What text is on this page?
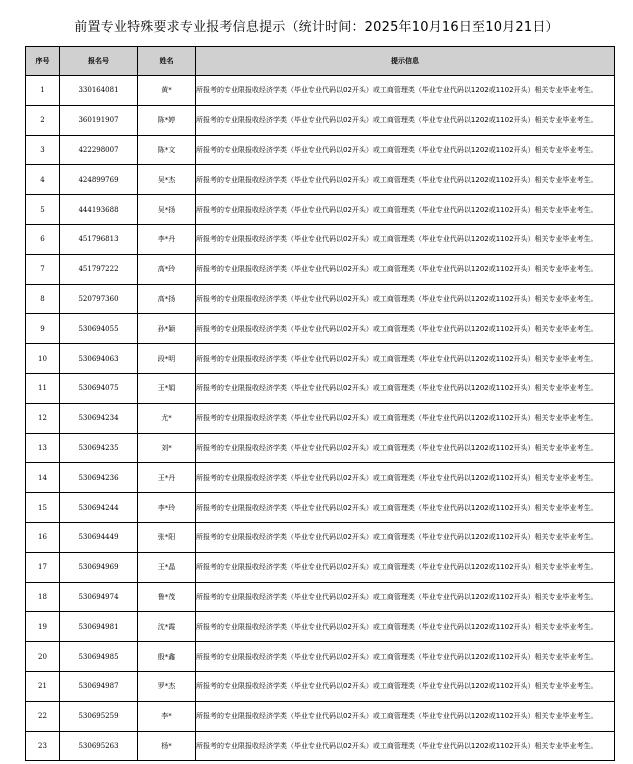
前置专业特殊要求专业报考信息提示（统计时间：2025年10月16日至10月21日）
序号	报名号	姓名	提示信息
1	330164081	黄*	所报考的专业限报收经济学类（毕业专业代码以02开头）或工商管理类（毕业专业代码以1202或1102开头）相关专业毕业考生。
2	360191907	陈*婷	所报考的专业限报收经济学类（毕业专业代码以02开头）或工商管理类（毕业专业代码以1202或1102开头）相关专业毕业考生。
3	422298007	陈*文	所报考的专业限报收经济学类（毕业专业代码以02开头）或工商管理类（毕业专业代码以1202或1102开头）相关专业毕业考生。
4	424899769	吴*杰	所报考的专业限报收经济学类（毕业专业代码以02开头）或工商管理类（毕业专业代码以1202或1102开头）相关专业毕业考生。
5	444193688	吴*扬	所报考的专业限报收经济学类（毕业专业代码以02开头）或工商管理类（毕业专业代码以1202或1102开头）相关专业毕业考生。
6	451796813	李*丹	所报考的专业限报收经济学类（毕业专业代码以02开头）或工商管理类（毕业专业代码以1202或1102开头）相关专业毕业考生。
7	451797222	高*玲	所报考的专业限报收经济学类（毕业专业代码以02开头）或工商管理类（毕业专业代码以1202或1102开头）相关专业毕业考生。
8	520797360	高*扬	所报考的专业限报收经济学类（毕业专业代码以02开头）或工商管理类（毕业专业代码以1202或1102开头）相关专业毕业考生。
9	530694055	孙*颖	所报考的专业限报收经济学类（毕业专业代码以02开头）或工商管理类（毕业专业代码以1202或1102开头）相关专业毕业考生。
10	530694063	段*明	所报考的专业限报收经济学类（毕业专业代码以02开头）或工商管理类（毕业专业代码以1202或1102开头）相关专业毕业考生。
11	530694075	王*娟	所报考的专业限报收经济学类（毕业专业代码以02开头）或工商管理类（毕业专业代码以1202或1102开头）相关专业毕业考生。
12	530694234	尤*	所报考的专业限报收经济学类（毕业专业代码以02开头）或工商管理类（毕业专业代码以1202或1102开头）相关专业毕业考生。
13	530694235	刘*	所报考的专业限报收经济学类（毕业专业代码以02开头）或工商管理类（毕业专业代码以1202或1102开头）相关专业毕业考生。
14	530694236	王*丹	所报考的专业限报收经济学类（毕业专业代码以02开头）或工商管理类（毕业专业代码以1202或1102开头）相关专业毕业考生。
15	530694244	李*玲	所报考的专业限报收经济学类（毕业专业代码以02开头）或工商管理类（毕业专业代码以1202或1102开头）相关专业毕业考生。
16	530694449	张*阳	所报考的专业限报收经济学类（毕业专业代码以02开头）或工商管理类（毕业专业代码以1202或1102开头）相关专业毕业考生。
17	530694969	王*晶	所报考的专业限报收经济学类（毕业专业代码以02开头）或工商管理类（毕业专业代码以1202或1102开头）相关专业毕业考生。
18	530694974	鲁*茂	所报考的专业限报收经济学类（毕业专业代码以02开头）或工商管理类（毕业专业代码以1202或1102开头）相关专业毕业考生。
19	530694981	沈*霞	所报考的专业限报收经济学类（毕业专业代码以02开头）或工商管理类（毕业专业代码以1202或1102开头）相关专业毕业考生。
20	530694985	殷*鑫	所报考的专业限报收经济学类（毕业专业代码以02开头）或工商管理类（毕业专业代码以1202或1102开头）相关专业毕业考生。
21	530694987	罗*杰	所报考的专业限报收经济学类（毕业专业代码以02开头）或工商管理类（毕业专业代码以1202或1102开头）相关专业毕业考生。
22	530695259	李*	所报考的专业限报收经济学类（毕业专业代码以02开头）或工商管理类（毕业专业代码以1202或1102开头）相关专业毕业考生。
23	530695263	杨*	所报考的专业限报收经济学类（毕业专业代码以02开头）或工商管理类（毕业专业代码以1202或1102开头）相关专业毕业考生。
